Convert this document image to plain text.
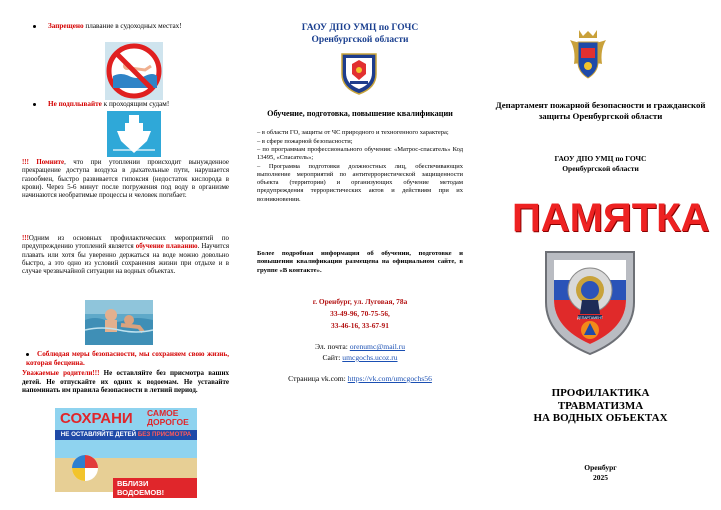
Запрещено плавание в судоходных местах!
Не подплывайте к проходящим судам!
!!! Помните, что при утоплении происходит вынужденное прекращение доступа воздуха в дыхательные пути, нарушается газообмен, быстро развивается гипоксия (недостаток кислорода в крови). Через 5-6 минут после погружения под воду в организме начинаются необратимые процессы и человек погибает.
!!!Одним из основных профилактических мероприятий по предупреждению утоплений является обучение плаванию. Научится плавать или хотя бы уверенно держаться на воде можно довольно быстро, а это одно из условий сохранения жизни при отдыхе и в случае чрезвычайной ситуации на водных объектах.
Соблюдая меры безопасности, мы сохраняем свою жизнь, которая бесценна.
Уважаемые родители!!! Не оставляйте без присмотра ваших детей. Не отпускайте их одних к водоемам. Не уставайте напоминать им правила безопасности в летний период.
СОХРАНИ САМОЕ
ДОРОГОЕ
НЕ ОСТАВЛЯЙТЕ ДЕТЕЙ БЕЗ ПРИСМОТРА
ВБЛИЗИ ВОДОЕМОВ!
ГАОУ ДПО УМЦ по ГОЧС
Оренбургской области
Обучение, подготовка, повышение квалификации
– в области ГО, защиты от ЧС природного и техногенного характера;
– в сфере пожарной безопасности;
– по программам профессионального обучения: «Матрос-спасатель» Код 13495, «Спасатель»;
– Программа подготовки должностных лиц, обеспечивающих выполнение мероприятий по антитеррористической защищенности объекта (территории) и организующих обучение методам предупреждения террористических актов и действиям при их возникновении.
Более подробная информация об обучении, подготовке и повышении квалификации размещена на официальном сайте, в группе «В контакте».
г. Оренбург, ул. Луговая, 78а
33-49-96, 70-75-56,
33-46-16, 33-67-91
Эл. почта: orenumc@mail.ru
Сайт: umcgochs.ucoz.ru
Страница vk.com: https://vk.com/umcgochs56
Департамент пожарной безопасности и гражданской защиты Оренбургской области
ГАОУ ДПО УМЦ по ГОЧС
Оренбургской области
ПАМЯТКА
ДЕПАРТАМЕНТ
ПРОФИЛАКТИКА
ТРАВМАТИЗМА
НА ВОДНЫХ ОБЪЕКТАХ
Оренбург
2025
